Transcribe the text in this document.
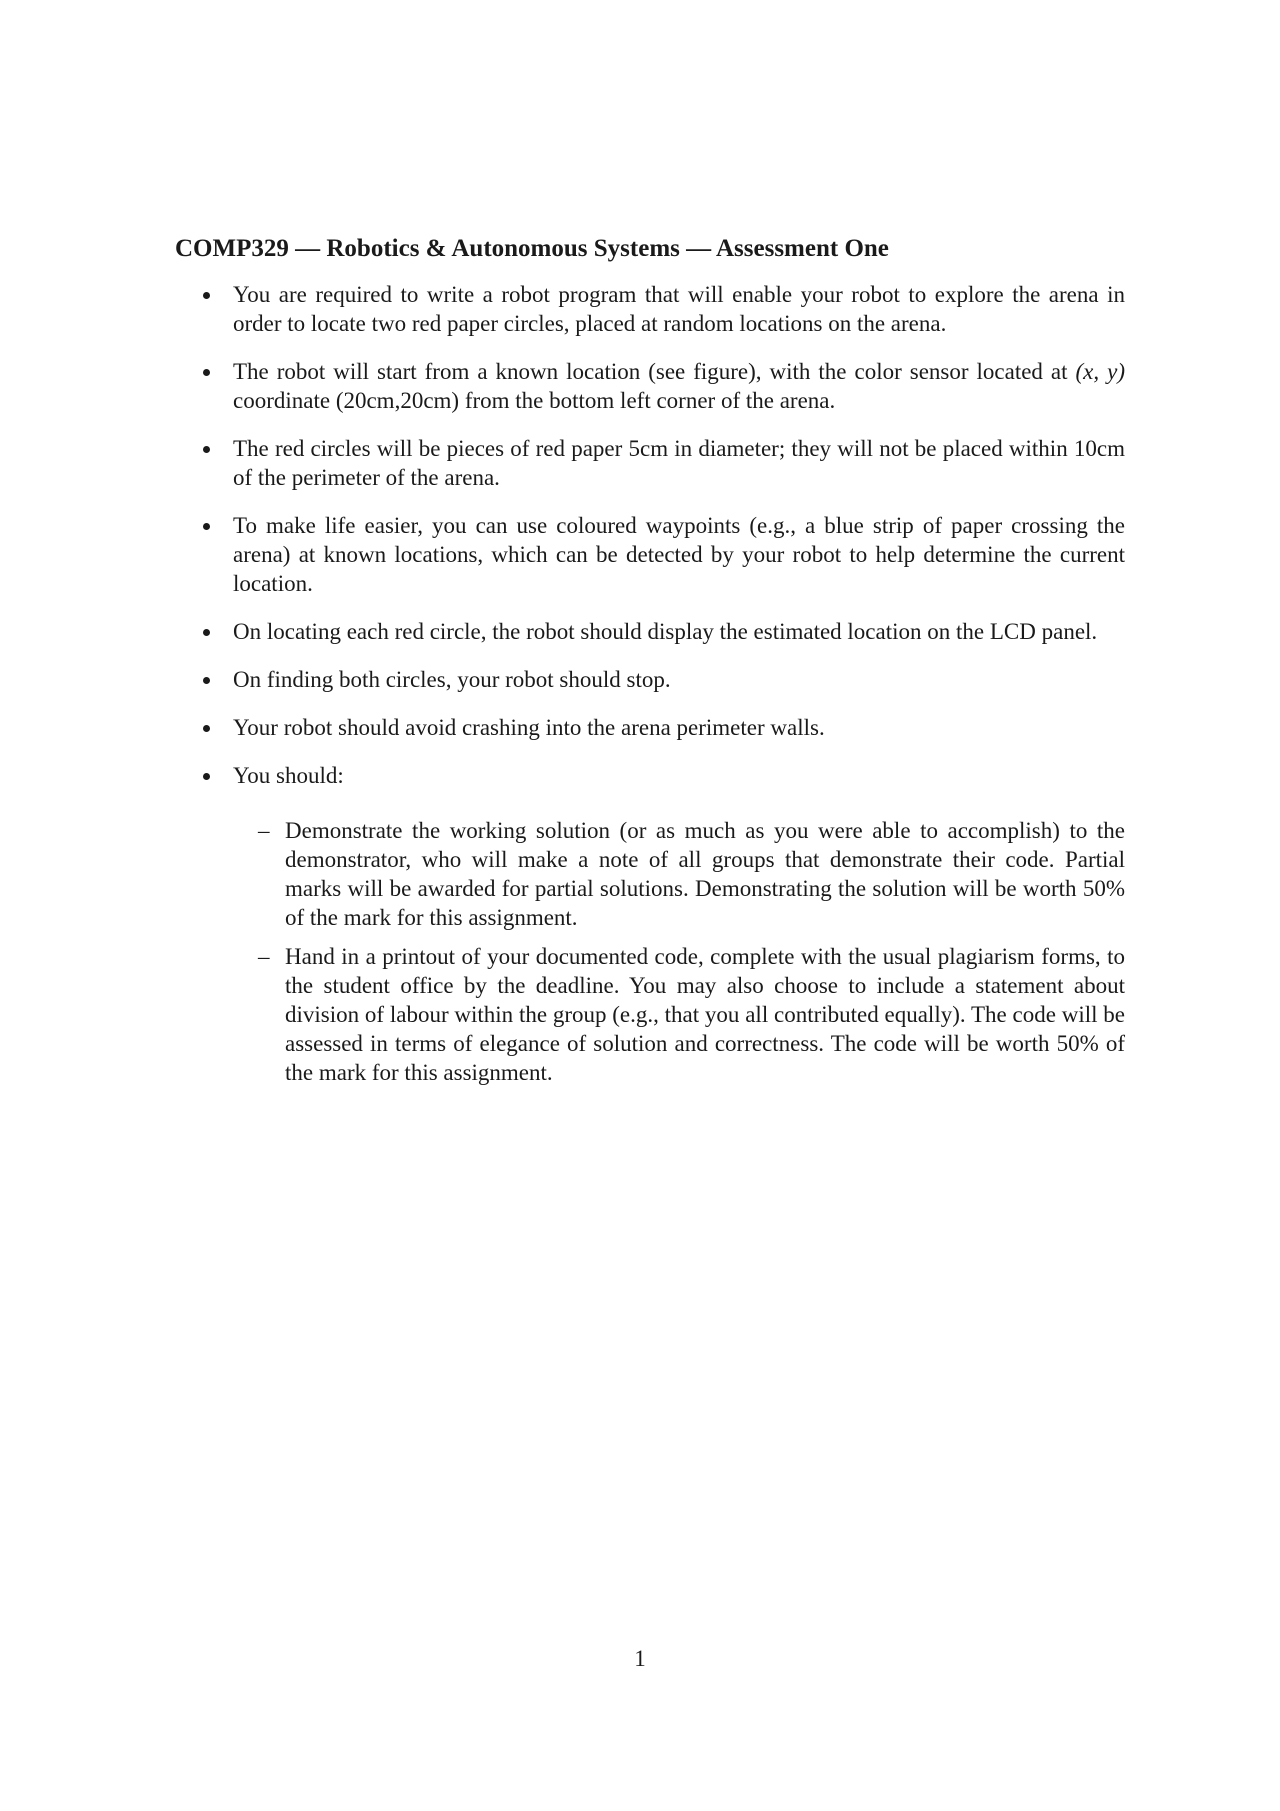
COMP329 — Robotics & Autonomous Systems — Assessment One
You are required to write a robot program that will enable your robot to explore the arena in order to locate two red paper circles, placed at random locations on the arena.
The robot will start from a known location (see figure), with the color sensor located at (x, y) coordinate (20cm,20cm) from the bottom left corner of the arena.
The red circles will be pieces of red paper 5cm in diameter; they will not be placed within 10cm of the perimeter of the arena.
To make life easier, you can use coloured waypoints (e.g., a blue strip of paper crossing the arena) at known locations, which can be detected by your robot to help determine the current location.
On locating each red circle, the robot should display the estimated location on the LCD panel.
On finding both circles, your robot should stop.
Your robot should avoid crashing into the arena perimeter walls.
You should:
– Demonstrate the working solution (or as much as you were able to accomplish) to the demonstrator, who will make a note of all groups that demonstrate their code. Partial marks will be awarded for partial solutions. Demonstrating the solution will be worth 50% of the mark for this assignment.
– Hand in a printout of your documented code, complete with the usual plagiarism forms, to the student office by the deadline. You may also choose to include a statement about division of labour within the group (e.g., that you all contributed equally). The code will be assessed in terms of elegance of solution and correctness. The code will be worth 50% of the mark for this assignment.
1
